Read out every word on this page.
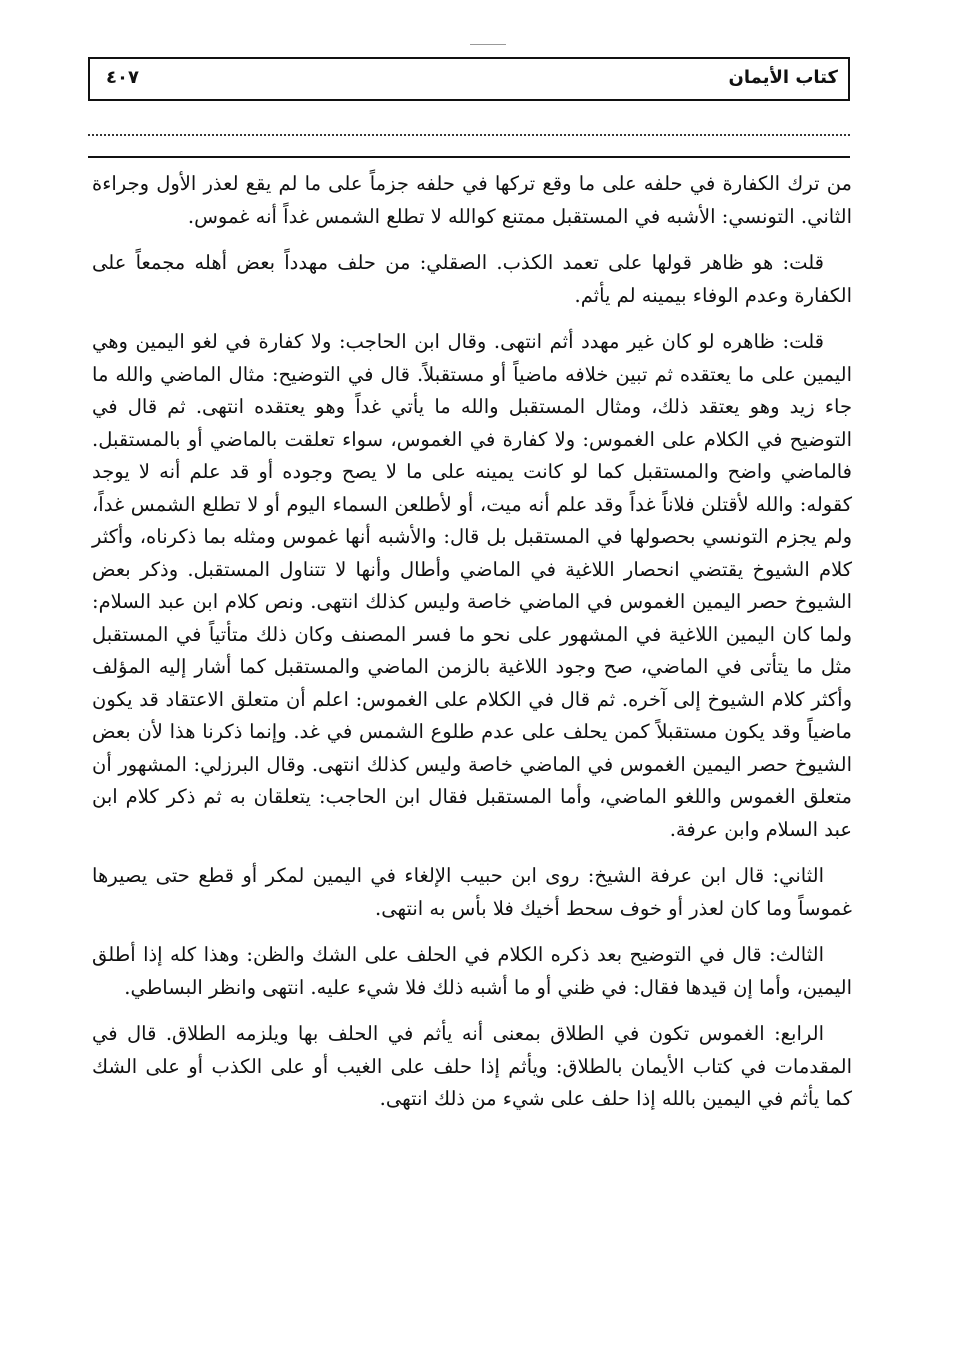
كتاب الأيمان
٤٠٧

من ترك الكفارة في حلفه على ما وقع تركها في حلفه جزماً على ما لم يقع لعذر الأول وجراءة الثاني. التونسي: الأشبه في المستقبل ممتنع كوالله لا تطلع الشمس غداً أنه غموس.

قلت: هو ظاهر قولها على تعمد الكذب. الصقلي: من حلف مهدداً بعض أهله مجمعاً على الكفارة وعدم الوفاء بيمينه لم يأثم.

قلت: ظاهره لو كان غير مهدد أثم انتهى. وقال ابن الحاجب: ولا كفارة في لغو اليمين وهي اليمين على ما يعتقده ثم تبين خلافه ماضياً أو مستقبلاً. قال في التوضيح: مثال الماضي والله ما جاء زيد وهو يعتقد ذلك، ومثال المستقبل والله ما يأتي غداً وهو يعتقده انتهى. ثم قال في التوضيح في الكلام على الغموس: ولا كفارة في الغموس، سواء تعلقت بالماضي أو بالمستقبل. فالماضي واضح والمستقبل كما لو كانت يمينه على ما لا يصح وجوده أو قد علم أنه لا يوجد كقوله: والله لأقتلن فلاناً غداً وقد علم أنه ميت، أو لأطلعن السماء اليوم أو لا تطلع الشمس غداً، ولم يجزم التونسي بحصولها في المستقبل بل قال: والأشبه أنها غموس ومثله بما ذكرناه، وأكثر كلام الشيوخ يقتضي انحصار اللاغية في الماضي وأطال وأنها لا تتناول المستقبل. وذكر بعض الشيوخ حصر اليمين الغموس في الماضي خاصة وليس كذلك انتهى. ونص كلام ابن عبد السلام: ولما كان اليمين اللاغية في المشهور على نحو ما فسر المصنف وكان ذلك متأتياً في المستقبل مثل ما يتأتى في الماضي، صح وجود اللاغية بالزمن الماضي والمستقبل كما أشار إليه المؤلف وأكثر كلام الشيوخ إلى آخره. ثم قال في الكلام على الغموس: اعلم أن متعلق الاعتقاد قد يكون ماضياً وقد يكون مستقبلاً كمن يحلف على عدم طلوع الشمس في غد. وإنما ذكرنا هذا لأن بعض الشيوخ حصر اليمين الغموس في الماضي خاصة وليس كذلك انتهى. وقال البرزلي: المشهور أن متعلق الغموس واللغو الماضي، وأما المستقبل فقال ابن الحاجب: يتعلقان به ثم ذكر كلام ابن عبد السلام وابن عرفة.

الثاني: قال ابن عرفة الشيخ: روى ابن حبيب الإلغاء في اليمين لمكر أو قطع حتى يصيرها غموساً وما كان لعذر أو خوف سحط أخيك فلا بأس به انتهى.

الثالث: قال في التوضيح بعد ذكره الكلام في الحلف على الشك والظن: وهذا كله إذا أطلق اليمين، وأما إن قيدها فقال: في ظني أو ما أشبه ذلك فلا شيء عليه. انتهى وانظر البساطي.

الرابع: الغموس تكون في الطلاق بمعنى أنه يأثم في الحلف بها ويلزمه الطلاق. قال في المقدمات في كتاب الأيمان بالطلاق: ويأثم إذا حلف على الغيب أو على الكذب أو على الشك كما يأثم في اليمين بالله إذا حلف على شيء من ذلك انتهى.
